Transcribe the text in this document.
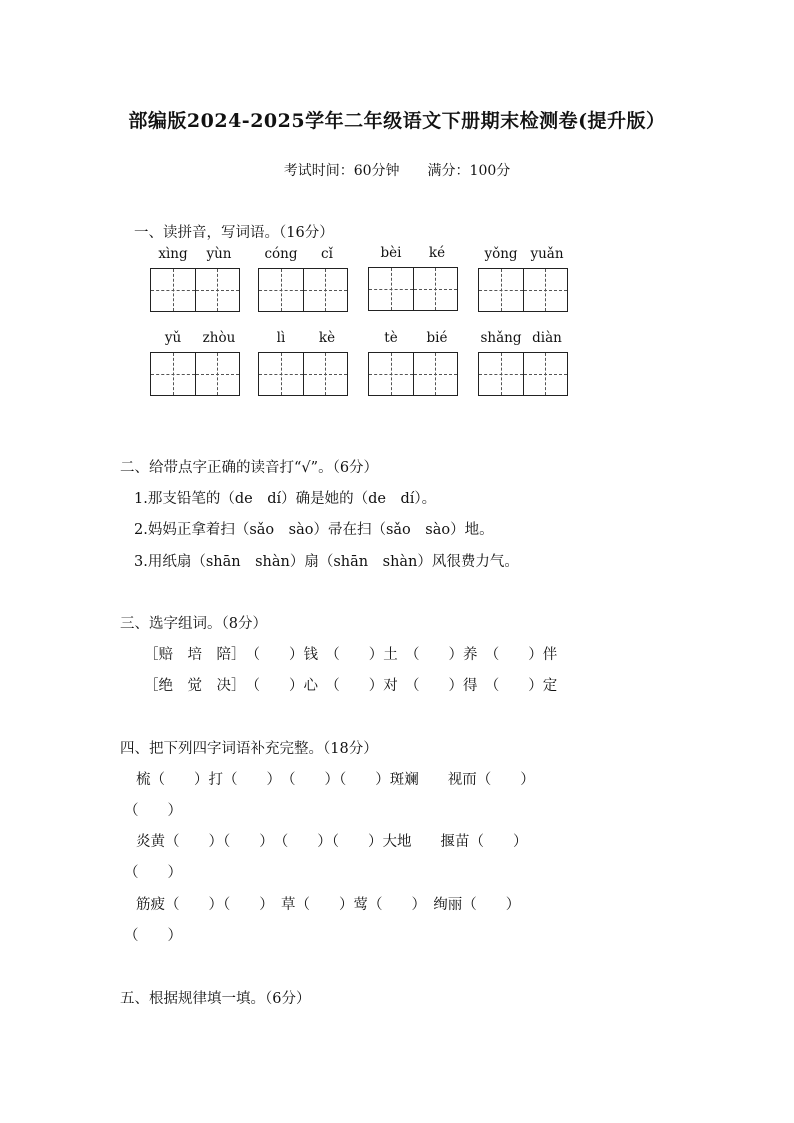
部编版2024-2025学年二年级语文下册期末检测卷(提升版）
考试时间：60分钟　　满分：100分
一、读拼音，写词语。（16分）
xìng	yùn	cóng	cǐ	bèi	ké	yǒng yuǎn
yǔ	zhòu	lì	kè	tè	bié	shǎng diàn
二、给带点字正确的读音打“√”。（6分）
1.那支铅笔的（de　dí）确是她的（de　dí）。
2.妈妈正拿着扫（sǎo　sào）帚在扫（sǎo　sào）地。
3.用纸扇（shān　shàn）扇（shān　shàn）风很费力气。
三、选字组词。（8分）
［赔　培　陪］　（　　）钱　（　　）土　（　　）养　（　　）伴
［绝　觉　决］　（　　）心　（　　）对　（　　）得　（　　）定
四、把下列四字词语补充完整。（18分）
梳（　　）打（　　）　（　　）（　　）斑斓　　视而（　　）
（　　）
炎黄（　　）（　　）　（　　）（　　）大地　　揠苗（　　）
（　　）
筋疲（　　）（　　）　草（　　）莺（　　）　绚丽（　　）
（　　）
五、根据规律填一填。（6分）
